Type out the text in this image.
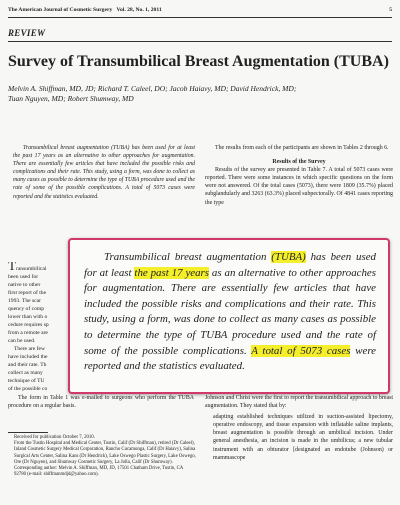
The American Journal of Cosmetic Surgery Vol. 28, No. 1, 2011	5
REVIEW
Survey of Transumbilical Breast Augmentation (TUBA)
Melvin A. Shiffman, MD, JD; Richard T. Caleel, DO; Jacob Haiavy, MD; David Hendrick, MD;
Tuan Nguyen, MD; Robert Shumway, MD
Transumbilical breast augmentation (TUBA) has been used for at least the past 17 years as an alternative to other approaches for augmentation. There are essentially few articles that have included the possible risks and complications and their rate. This study, using a form, was done to collect as many cases as possible to determine the type of TUBA procedure used and the rate of some of the possible complications. A total of 5073 cases were reported and the statistics evaluated.

The results from each of the participants are shown in Tables 2 through 6.

Results of the Survey

Results of the survey are presented in Table 7. A total of 5073 cases were reported. There were some instances in which specific questions on the form were not answered. Of the total cases (5073), there were 1809 (35.7%) placed subglandularly and 3263 (63.3%) placed subpectorally. Of 4841 cases reporting the type

Transumbilical

been used for

native to other

first report of the

1993. The scar

quency of comp

lower than with o

cedure requires sp

from a remote are

can be used.

There are few

have included the

and their rate. Th

collect as many

technique of TU

of the possible co

The form in Table 1 was e-mailed to surgeons who perform the TUBA procedure on a regular basis.

Johnson and Christ were the first to report the transumbilical approach to breast augmentation. They stated that by:

adapting established techniques utilized in suction-assisted lipectomy, operative endoscopy, and tissue expansion with inflatable saline implants, breast augmentation is possible through an umbilical incision. Under general anesthesia, an incision is made in the umbilicus; a new tubular instrument with an obturator [designated an endotube (Johnson) or mammascope

Received for publication October 7, 2010.

From the Tustin Hospital and Medical Center, Tustin, Calif (Dr Shiffman), retired (Dr Caleel), Inland Cosmetic Surgery Medical Corporation, Rancho Cucamonga, Calif (Dr Haiavy), Salina Surgical Arts Center, Salina Kans (Dr Hendrick), Lake Oswego Plastic Surgery, Lake Oswego, Ore (Dr Nguyen), and Shumway Cosmetic Surgery, La Jolla, Calif (Dr Shumway).

Corresponding author: Melvin A. Shiffman, MD, JD, 17501 Chatham Drive, Tustin, CA 92780 (e-mail: shiffmanmdjd@yahoo.com).

Transumbilical breast augmentation (TUBA) has been used for at least the past 17 years as an alternative to other approaches for augmentation. There are essentially few articles that have included the possible risks and complications and their rate. This study, using a form, was done to collect as many cases as possible to determine the type of TUBA procedure used and the rate of some of the possible complications. A total of 5073 cases were reported and the statistics evaluated.
